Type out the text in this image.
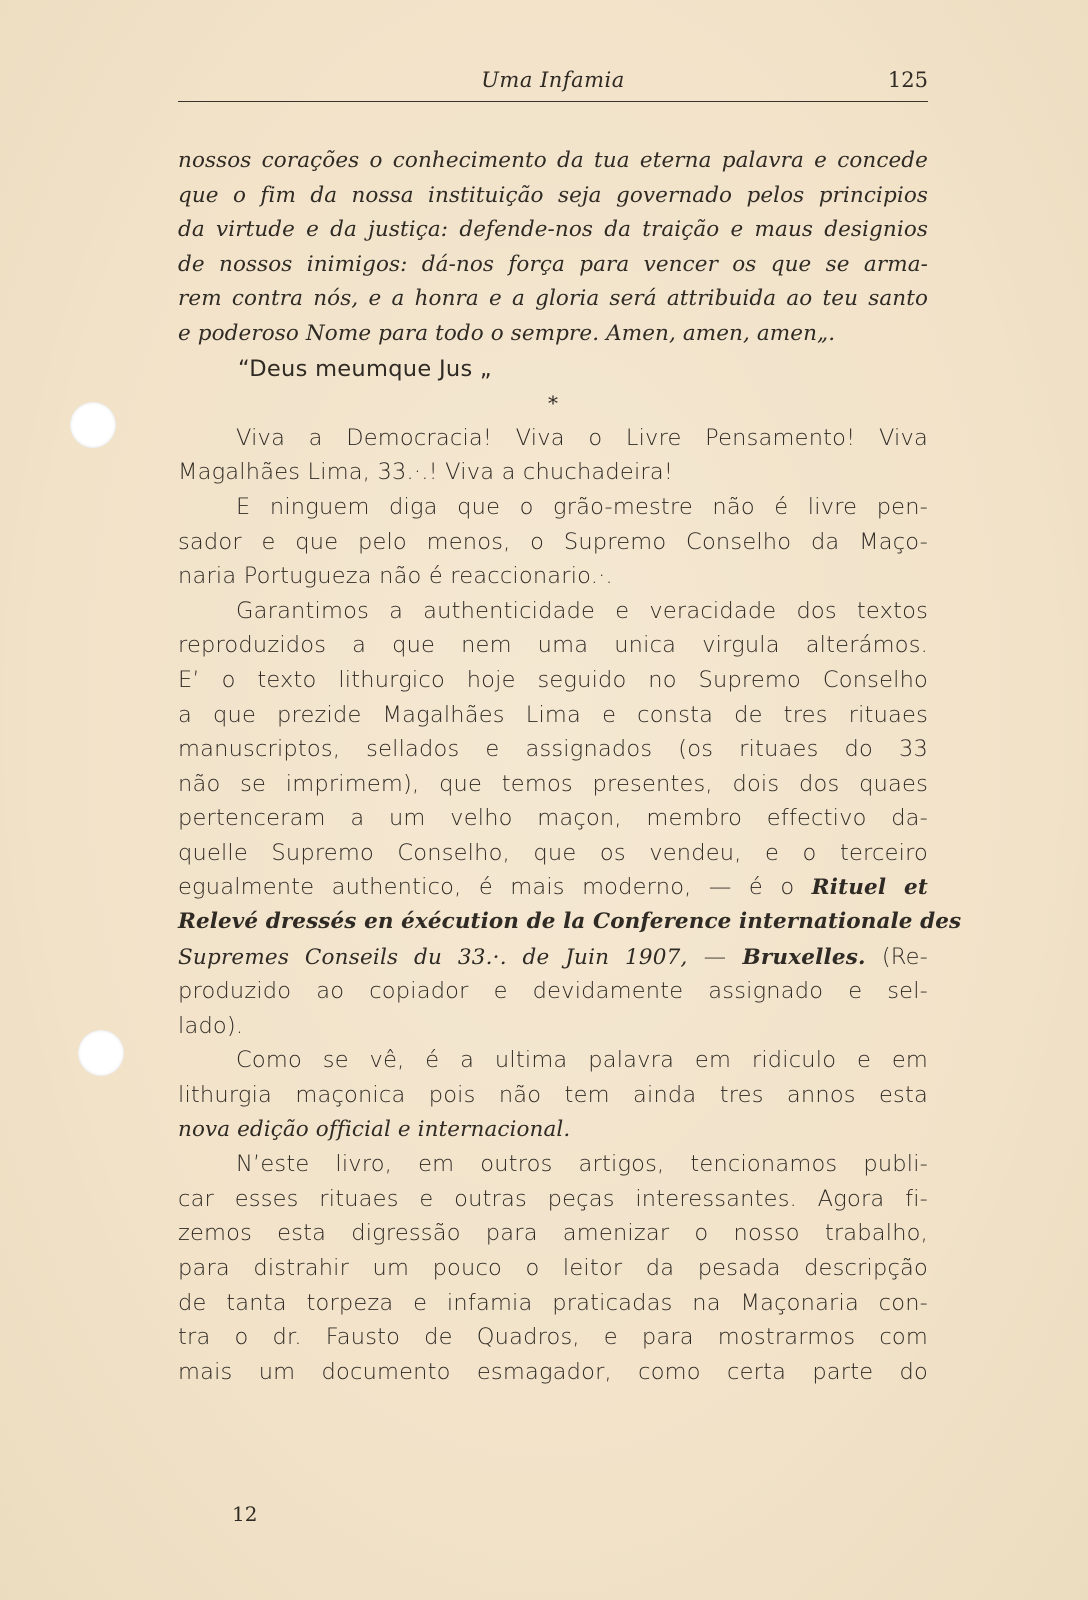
Uma Infamia	125
nossos corações o conhecimento da tua eterna palavra e concede
que o fim da nossa instituição seja governado pelos principios
da virtude e da justiça: defende-nos da traição e maus designios
de nossos inimigos: dá-nos força para vencer os que se arma-
rem contra nós, e a honra e a gloria será attribuida ao teu santo
e poderoso Nome para todo o sempre. Amen, amen, amen„.
“Deus meumque Jus „
*
Viva a Democracia! Viva o Livre Pensamento! Viva
Magalhães Lima, 33.·.! Viva a chuchadeira!
E ninguem diga que o grão-mestre não é livre pen-
sador e que pelo menos, o Supremo Conselho da Maço-
naria Portugueza não é reaccionario.·.
Garantimos a authenticidade e veracidade dos textos
reproduzidos a que nem uma unica virgula alterámos.
E’ o texto lithurgico hoje seguido no Supremo Conselho
a que prezide Magalhães Lima e consta de tres rituaes
manuscriptos, sellados e assignados (os rituaes do 33
não se imprimem), que temos presentes, dois dos quaes
pertenceram a um velho maçon, membro effectivo da-
quelle Supremo Conselho, que os vendeu, e o terceiro
egualmente authentico, é mais moderno, — é o Rituel et
Relevé dressés en éxécution de la Conference internationale des
Supremes Conseils du 33.·. de Juin 1907, — Bruxelles. (Re-
produzido ao copiador e devidamente assignado e sel-
lado).
Como se vê, é a ultima palavra em ridiculo e em
lithurgia maçonica pois não tem ainda tres annos esta
nova edição official e internacional.
N’este livro, em outros artigos, tencionamos publi-
car esses rituaes e outras peças interessantes. Agora fi-
zemos esta digressão para amenizar o nosso trabalho,
para distrahir um pouco o leitor da pesada descripção
de tanta torpeza e infamia praticadas na Maçonaria con-
tra o dr. Fausto de Quadros, e para mostrarmos com
mais um documento esmagador, como certa parte do
12
